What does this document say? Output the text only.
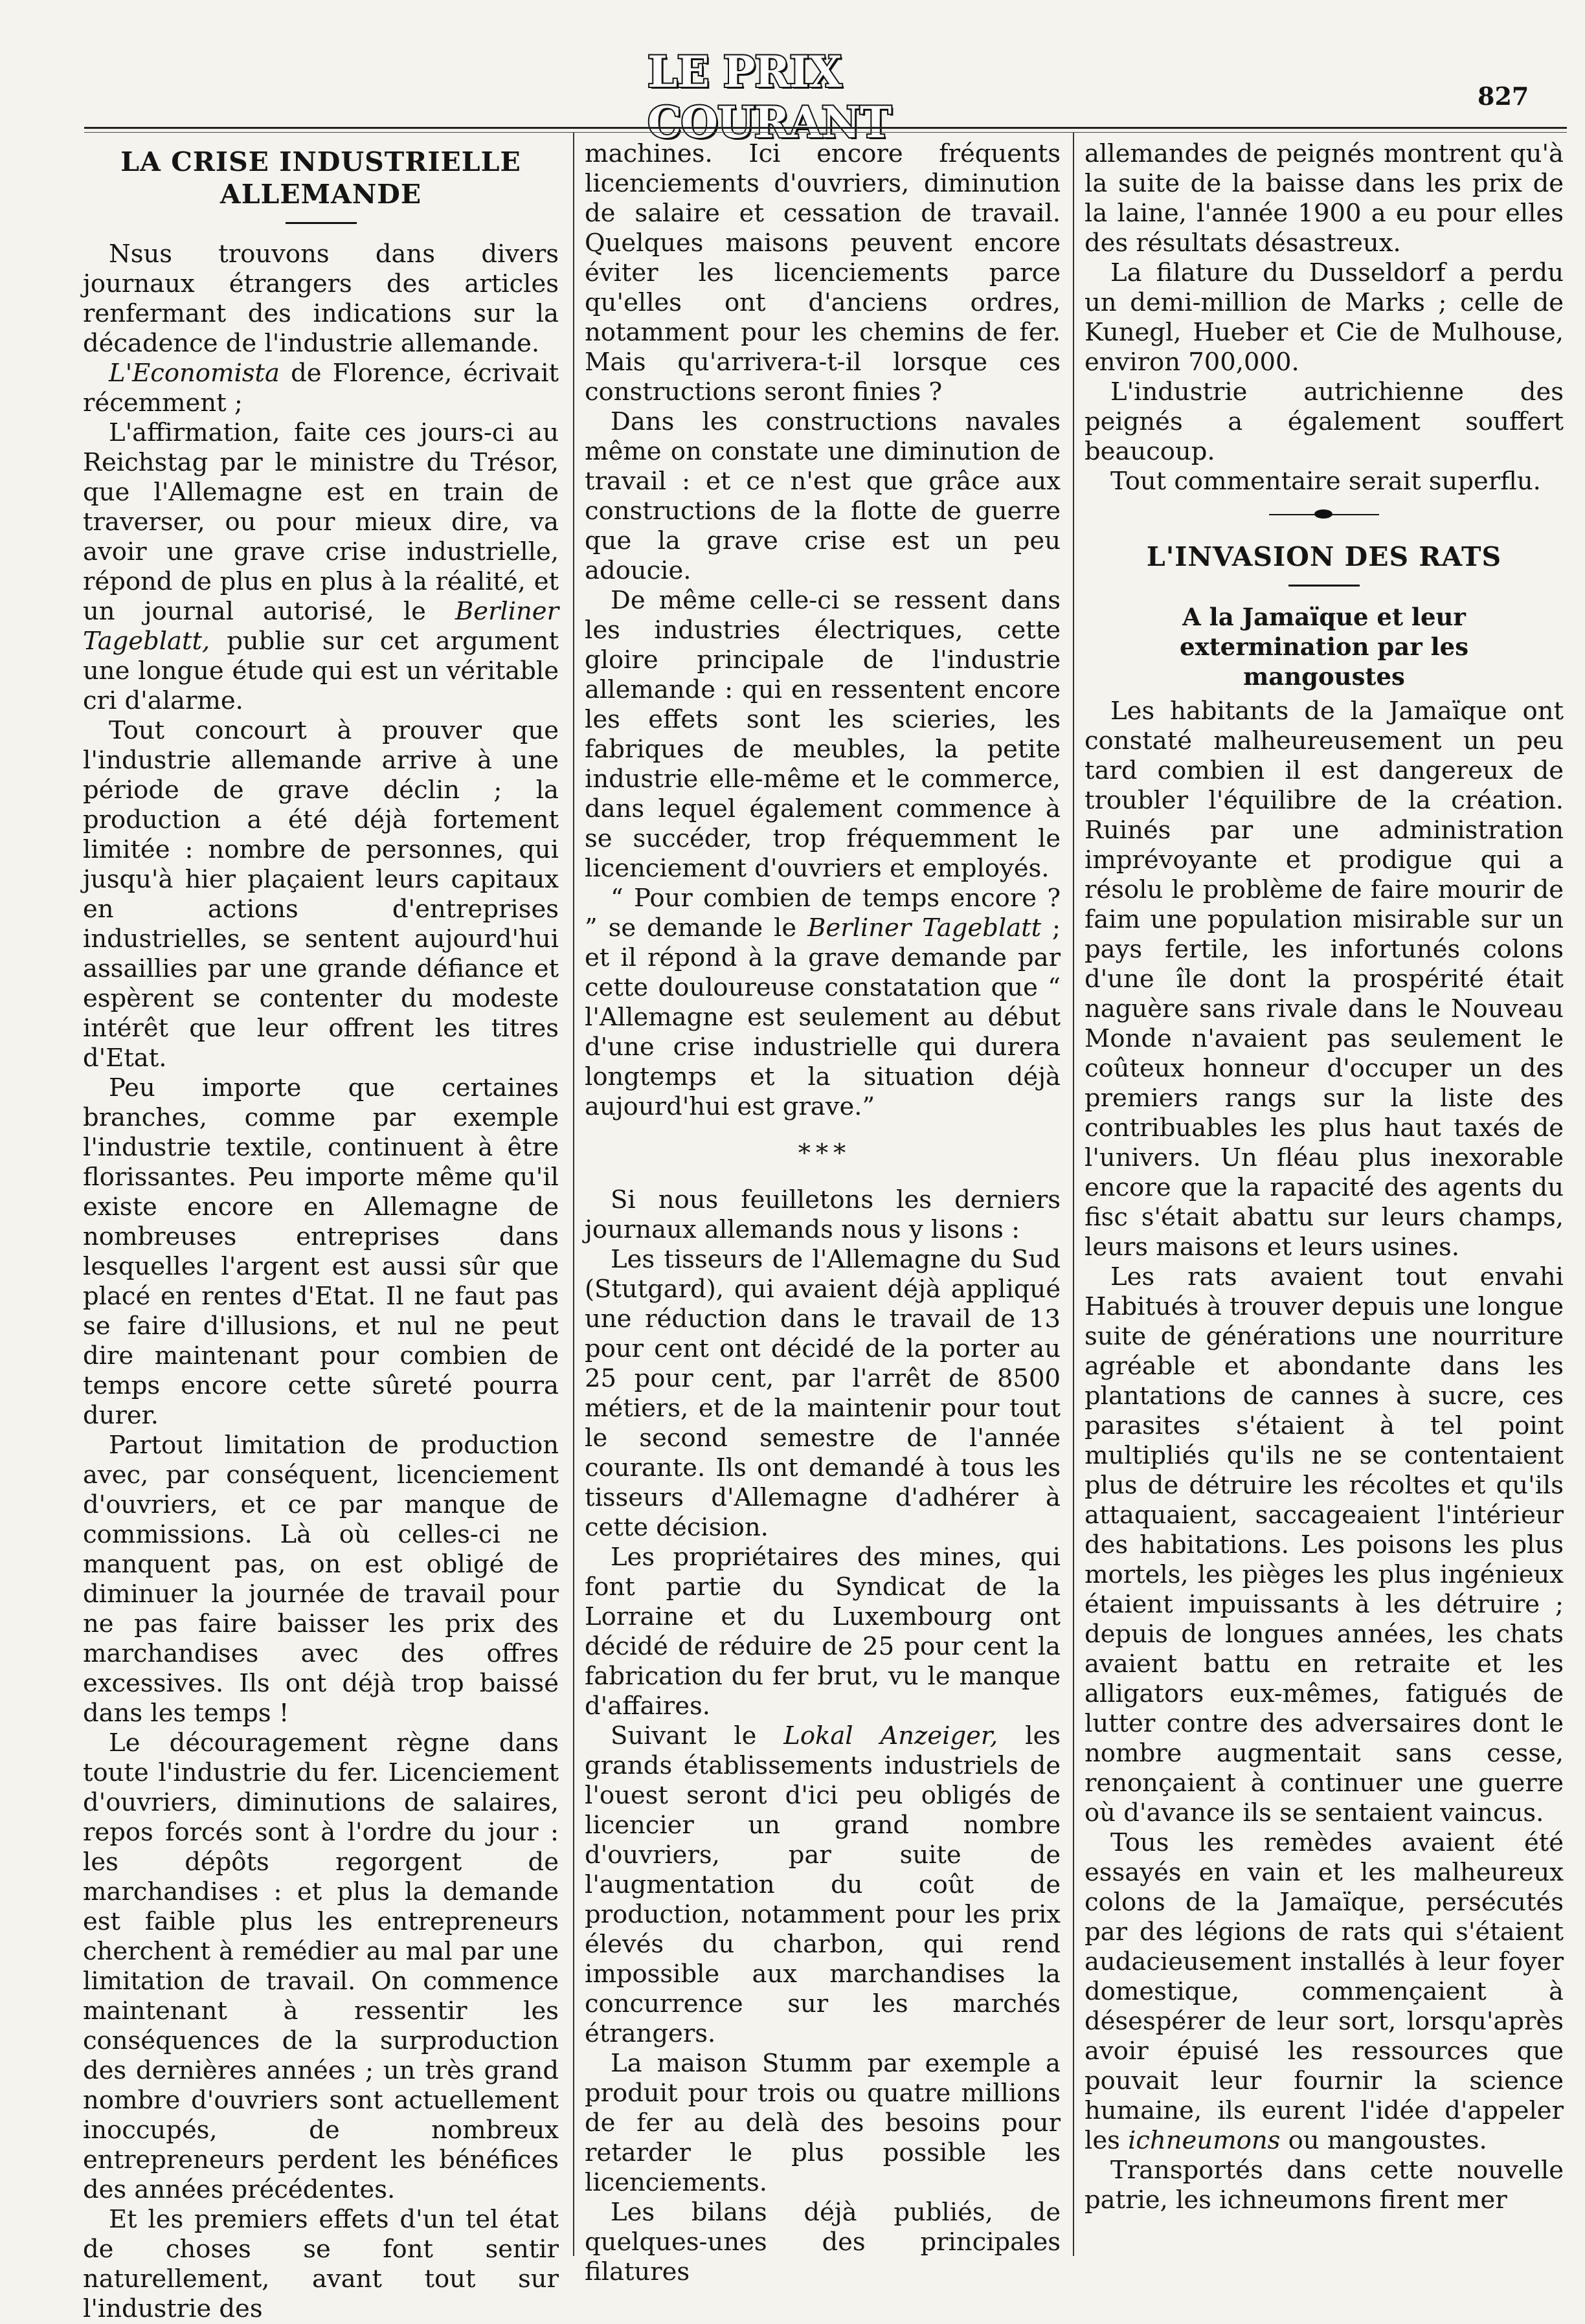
LE PRIX COURANT
827
LA CRISE INDUSTRIELLE ALLEMANDE

Nsus trouvons dans divers journaux étrangers des articles renfermant des indications sur la décadence de l'industrie allemande.

L'Economista de Florence, écrivait récemment ;

L'affirmation, faite ces jours-ci au Reichstag par le ministre du Trésor, que l'Allemagne est en train de traverser, ou pour mieux dire, va avoir une grave crise industrielle, répond de plus en plus à la réalité, et un journal autorisé, le Berliner Tageblatt, publie sur cet argument une longue étude qui est un véritable cri d'alarme.

Tout concourt à prouver que l'industrie allemande arrive à une période de grave déclin ; la production a été déjà fortement limitée : nombre de personnes, qui jusqu'à hier plaçaient leurs capitaux en actions d'entreprises industrielles, se sentent aujourd'hui assaillies par une grande défiance et espèrent se contenter du modeste intérêt que leur offrent les titres d'Etat.

Peu importe que certaines branches, comme par exemple l'industrie textile, continuent à être florissantes. Peu importe même qu'il existe encore en Allemagne de nombreuses entreprises dans lesquelles l'argent est aussi sûr que placé en rentes d'Etat. Il ne faut pas se faire d'illusions, et nul ne peut dire maintenant pour combien de temps encore cette sûreté pourra durer.

Partout limitation de production avec, par conséquent, licenciement d'ouvriers, et ce par manque de commissions. Là où celles-ci ne manquent pas, on est obligé de diminuer la journée de travail pour ne pas faire baisser les prix des marchandises avec des offres excessives. Ils ont déjà trop baissé dans les temps !

Le découragement règne dans toute l'industrie du fer. Licenciement d'ouvriers, diminutions de salaires, repos forcés sont à l'ordre du jour : les dépôts regorgent de marchandises : et plus la demande est faible plus les entrepreneurs cherchent à remédier au mal par une limitation de travail. On commence maintenant à ressentir les conséquences de la surproduction des dernières années ; un très grand nombre d'ouvriers sont actuellement inoccupés, de nombreux entrepreneurs perdent les bénéfices des années précédentes.

Et les premiers effets d'un tel état de choses se font sentir naturellement, avant tout sur l'industrie des

machines. Ici encore fréquents licenciements d'ouvriers, diminution de salaire et cessation de travail. Quelques maisons peuvent encore éviter les licenciements parce qu'elles ont d'anciens ordres, notamment pour les chemins de fer. Mais qu'arrivera-t-il lorsque ces constructions seront finies ?

Dans les constructions navales même on constate une diminution de travail : et ce n'est que grâce aux constructions de la flotte de guerre que la grave crise est un peu adoucie.

De même celle-ci se ressent dans les industries électriques, cette gloire principale de l'industrie allemande : qui en ressentent encore les effets sont les scieries, les fabriques de meubles, la petite industrie elle-même et le commerce, dans lequel également commence à se succéder, trop fréquemment le licenciement d'ouvriers et employés.

“ Pour combien de temps encore ? ” se demande le Berliner Tageblatt ; et il répond à la grave demande par cette douloureuse constatation que “ l'Allemagne est seulement au début d'une crise industrielle qui durera longtemps et la situation déjà aujourd'hui est grave.”

* * *

Si nous feuilletons les derniers journaux allemands nous y lisons :

Les tisseurs de l'Allemagne du Sud (Stutgard), qui avaient déjà appliqué une réduction dans le travail de 13 pour cent ont décidé de la porter au 25 pour cent, par l'arrêt de 8500 métiers, et de la maintenir pour tout le second semestre de l'année courante. Ils ont demandé à tous les tisseurs d'Allemagne d'adhérer à cette décision.

Les propriétaires des mines, qui font partie du Syndicat de la Lorraine et du Luxembourg ont décidé de réduire de 25 pour cent la fabrication du fer brut, vu le manque d'affaires.

Suivant le Lokal Anzeiger, les grands établissements industriels de l'ouest seront d'ici peu obligés de licencier un grand nombre d'ouvriers, par suite de l'augmentation du coût de production, notamment pour les prix élevés du charbon, qui rend impossible aux marchandises la concurrence sur les marchés étrangers.

La maison Stumm par exemple a produit pour trois ou quatre millions de fer au delà des besoins pour retarder le plus possible les licenciements.

Les bilans déjà publiés, de quelques-unes des principales filatures

allemandes de peignés montrent qu'à la suite de la baisse dans les prix de la laine, l'année 1900 a eu pour elles des résultats désastreux.

La filature du Dusseldorf a perdu un demi-million de Marks ; celle de Kunegl, Hueber et Cie de Mulhouse, environ 700,000.

L'industrie autrichienne des peignés a également souffert beaucoup.

Tout commentaire serait superflu.

L'INVASION DES RATS
A la Jamaïque et leur extermination par les mangoustes

Les habitants de la Jamaïque ont constaté malheureusement un peu tard combien il est dangereux de troubler l'équilibre de la création. Ruinés par une administration imprévoyante et prodigue qui a résolu le problème de faire mourir de faim une population misirable sur un pays fertile, les infortunés colons d'une île dont la prospérité était naguère sans rivale dans le Nouveau Monde n'avaient pas seulement le coûteux honneur d'occuper un des premiers rangs sur la liste des contribuables les plus haut taxés de l'univers. Un fléau plus inexorable encore que la rapacité des agents du fisc s'était abattu sur leurs champs, leurs maisons et leurs usines.

Les rats avaient tout envahi Habitués à trouver depuis une longue suite de générations une nourriture agréable et abondante dans les plantations de cannes à sucre, ces parasites s'étaient à tel point multipliés qu'ils ne se contentaient plus de détruire les récoltes et qu'ils attaquaient, saccageaient l'intérieur des habitations. Les poisons les plus mortels, les pièges les plus ingénieux étaient impuissants à les détruire ; depuis de longues années, les chats avaient battu en retraite et les alligators eux-mêmes, fatigués de lutter contre des adversaires dont le nombre augmentait sans cesse, renonçaient à continuer une guerre où d'avance ils se sentaient vaincus.

Tous les remèdes avaient été essayés en vain et les malheureux colons de la Jamaïque, persécutés par des légions de rats qui s'étaient audacieusement installés à leur foyer domestique, commençaient à désespérer de leur sort, lorsqu'après avoir épuisé les ressources que pouvait leur fournir la science humaine, ils eurent l'idée d'appeler les ichneumons ou mangoustes.

Transportés dans cette nouvelle patrie, les ichneumons firent mer
